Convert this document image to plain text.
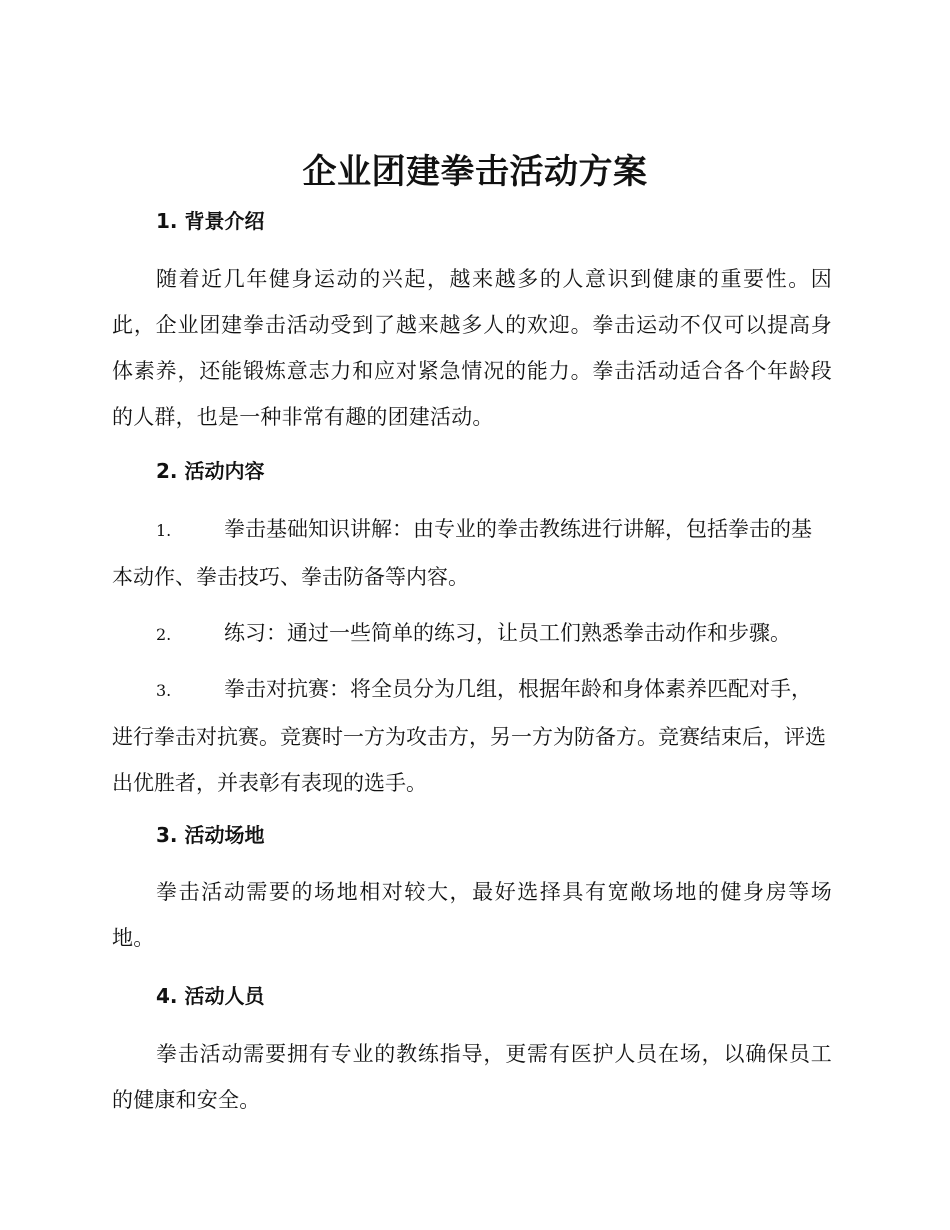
企业团建拳击活动方案
1. 背景介绍
随着近几年健身运动的兴起，越来越多的人意识到健康的重要性。因此，企业团建拳击活动受到了越来越多人的欢迎。拳击运动不仅可以提高身体素养，还能锻炼意志力和应对紧急情况的能力。拳击活动适合各个年龄段的人群，也是一种非常有趣的团建活动。
2. 活动内容
1.	拳击基础知识讲解：由专业的拳击教练进行讲解，包括拳击的基本动作、拳击技巧、拳击防备等内容。
2.	练习：通过一些简单的练习，让员工们熟悉拳击动作和步骤。
3.	拳击对抗赛：将全员分为几组，根据年龄和身体素养匹配对手，进行拳击对抗赛。竞赛时一方为攻击方，另一方为防备方。竞赛结束后，评选出优胜者，并表彰有表现的选手。
3. 活动场地
拳击活动需要的场地相对较大，最好选择具有宽敞场地的健身房等场地。
4. 活动人员
拳击活动需要拥有专业的教练指导，更需有医护人员在场，以确保员工的健康和安全。
